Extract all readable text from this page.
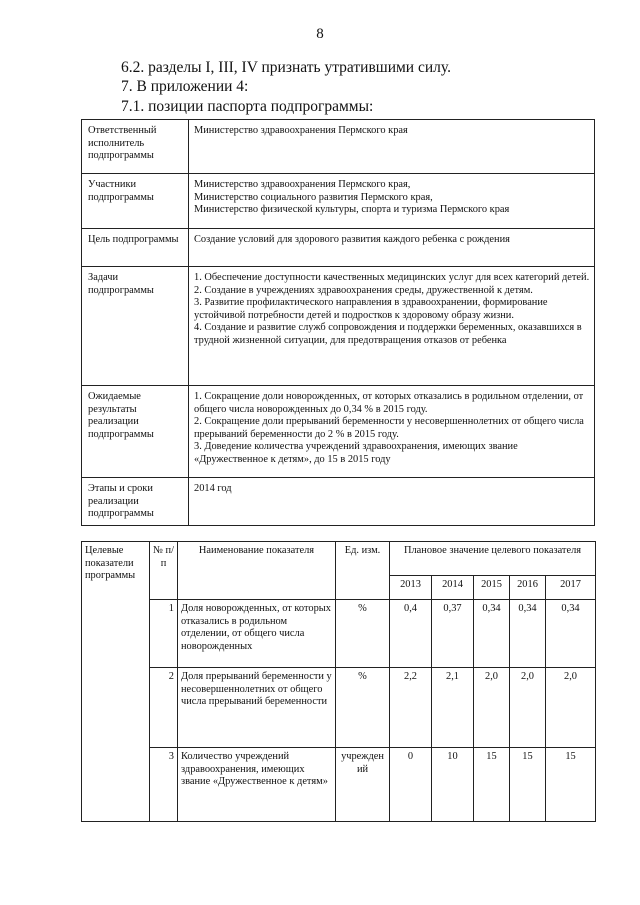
8
6.2. разделы I, III, IV признать утратившими силу.
7. В приложении 4:
7.1. позиции паспорта подпрограммы:
Ответственный исполнитель подпрограммы	Министерство здравоохранения Пермского края
Участники подпрограммы	Министерство здравоохранения Пермского края,
Министерство социального развития Пермского края,
Министерство физической культуры, спорта и туризма Пермского края
Цель подпрограммы	Создание условий для здорового развития каждого ребенка с рождения
Задачи подпрограммы	1. Обеспечение доступности качественных медицинских услуг для всех категорий детей.
2. Создание в учреждениях здравоохранения среды, дружественной к детям.
3. Развитие профилактического направления в здравоохранении, формирование устойчивой потребности детей и подростков к здоровому образу жизни.
4. Создание и развитие служб сопровождения и поддержки беременных, оказавшихся в трудной жизненной ситуации, для предотвращения отказов от ребенка
Ожидаемые результаты реализации подпрограммы	1. Сокращение доли новорожденных, от которых отказались в родильном отделении, от общего числа новорожденных до 0,34 % в 2015 году.
2. Сокращение доли прерываний беременности у несовершеннолетних от общего числа прерываний беременности до 2 % в 2015 году.
3. Доведение количества учреждений здравоохранения, имеющих звание «Дружественное к детям», до 15 в 2015 году
Этапы и сроки реализации подпрограммы	2014 год
Целевые показатели программы	№ п/п	Наименование показателя	Ед. изм.	Плановое значение целевого показателя				
				2013	2014	2015	2016	2017
	1	Доля новорожденных, от которых отказались в родильном отделении, от общего числа новорожденных	%	0,4	0,37	0,34	0,34	0,34
	2	Доля прерываний беременности у несовершеннолетних от общего числа прерываний беременности	%	2,2	2,1	2,0	2,0	2,0
	3	Количество учреждений здравоохранения, имеющих звание «Дружественное к детям»	учрежден ий	0	10	15	15	15
